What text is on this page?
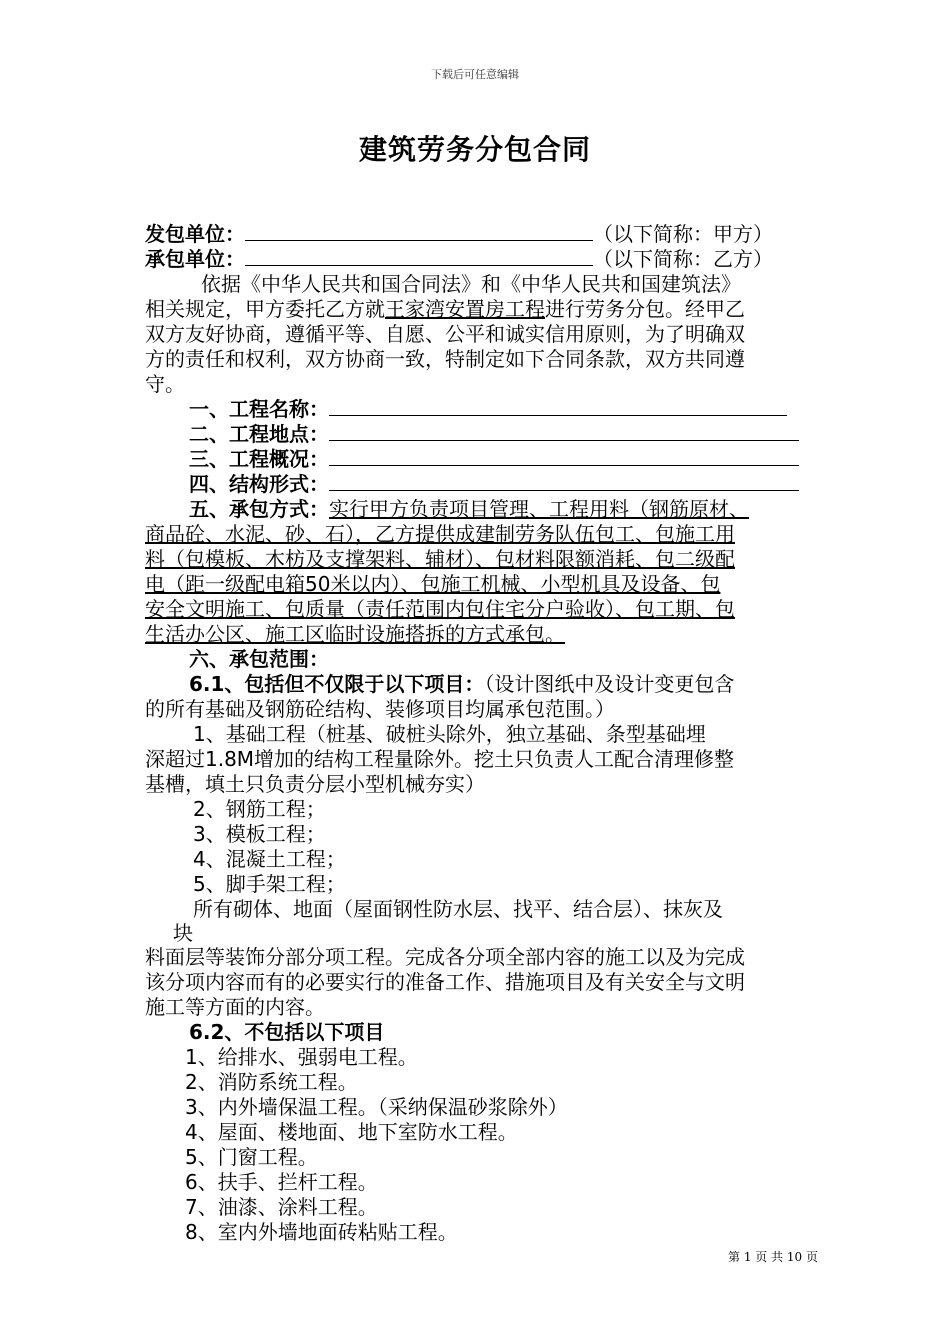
下载后可任意编辑
建筑劳务分包合同
发包单位：	（以下简称：甲方）
承包单位：	（以下简称：乙方）
依据《中华人民共和国合同法》和《中华人民共和国建筑法》
相关规定，甲方委托乙方就王家湾安置房工程进行劳务分包。经甲乙
双方友好协商，遵循平等、自愿、公平和诚实信用原则，为了明确双
方的责任和权利，双方协商一致，特制定如下合同条款，双方共同遵
守。
一、工程名称：
二、工程地点：
三、工程概况：
四、结构形式：
五、承包方式：实行甲方负责项目管理、工程用料（钢筋原材、
商品砼、水泥、砂、石），乙方提供成建制劳务队伍包工、包施工用
料（包模板、木枋及支撑架料、辅材）、包材料限额消耗、包二级配
电（距一级配电箱50米以内）、包施工机械、小型机具及设备、包
安全文明施工、包质量（责任范围内包住宅分户验收）、包工期、包
生活办公区、施工区临时设施搭拆的方式承包。
六、承包范围：
6.1、包括但不仅限于以下项目：（设计图纸中及设计变更包含
的所有基础及钢筋砼结构、装修项目均属承包范围。）
1、基础工程（桩基、破桩头除外，独立基础、条型基础埋
深超过1.8M增加的结构工程量除外。挖土只负责人工配合清理修整
基槽，填土只负责分层小型机械夯实）
2、钢筋工程；
3、模板工程；
4、混凝土工程；
5、脚手架工程；
所有砌体、地面（屋面钢性防水层、找平、结合层）、抹灰及
块
料面层等装饰分部分项工程。完成各分项全部内容的施工以及为完成
该分项内容而有的必要实行的准备工作、措施项目及有关安全与文明
施工等方面的内容。
6.2、不包括以下项目
1、给排水、强弱电工程。
2、消防系统工程。
3、内外墙保温工程。（采纳保温砂浆除外）
4、屋面、楼地面、地下室防水工程。
5、门窗工程。
6、扶手、拦杆工程。
7、油漆、涂料工程。
8、室内外墙地面砖粘贴工程。
第 1 页 共 10 页
